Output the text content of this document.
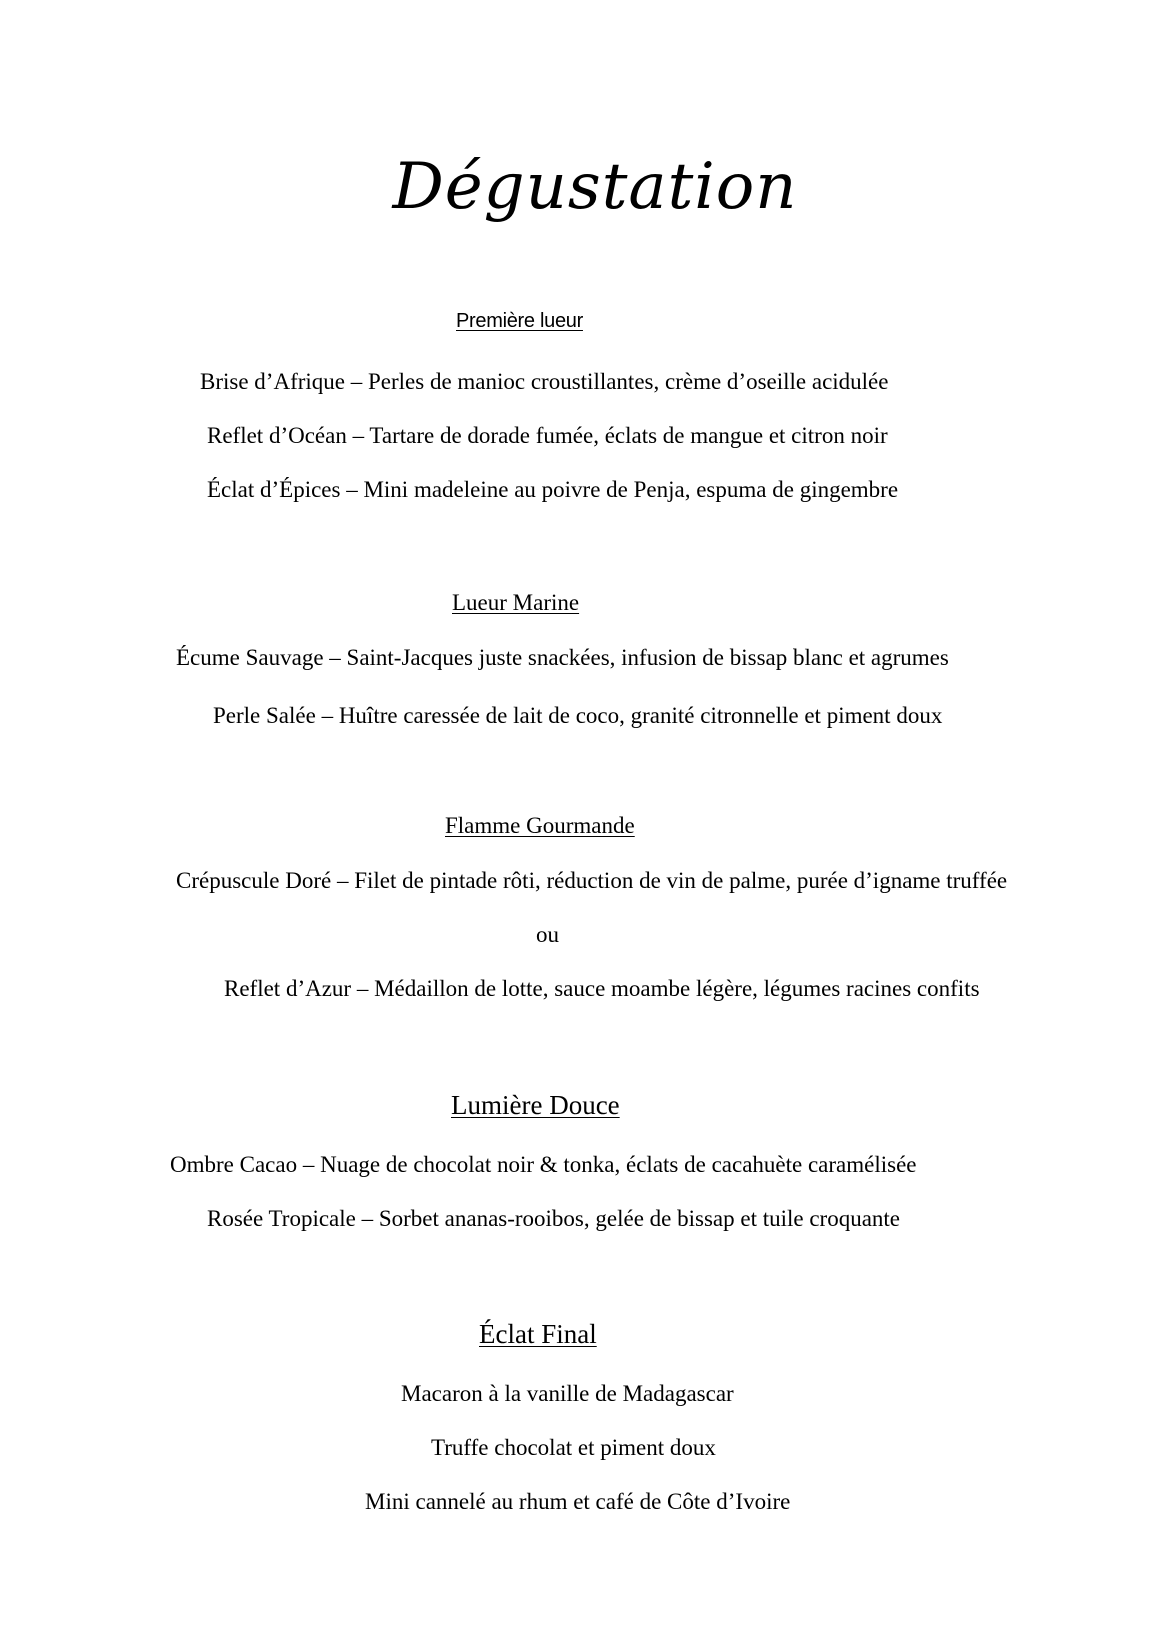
Dégustation
Première lueur
Brise d’Afrique – Perles de manioc croustillantes, crème d’oseille acidulée
Reflet d’Océan – Tartare de dorade fumée, éclats de mangue et citron noir
Éclat d’Épices – Mini madeleine au poivre de Penja, espuma de gingembre
Lueur Marine
Écume Sauvage – Saint-Jacques juste snackées, infusion de bissap blanc et agrumes
Perle Salée – Huître caressée de lait de coco, granité citronnelle et piment doux
Flamme Gourmande
Crépuscule Doré – Filet de pintade rôti, réduction de vin de palme, purée d’igname truffée
ou
Reflet d’Azur – Médaillon de lotte, sauce moambe légère, légumes racines confits
Lumière Douce
Ombre Cacao – Nuage de chocolat noir & tonka, éclats de cacahuète caramélisée
Rosée Tropicale – Sorbet ananas-rooibos, gelée de bissap et tuile croquante
Éclat Final
Macaron à la vanille de Madagascar
Truffe chocolat et piment doux
Mini cannelé au rhum et café de Côte d’Ivoire
